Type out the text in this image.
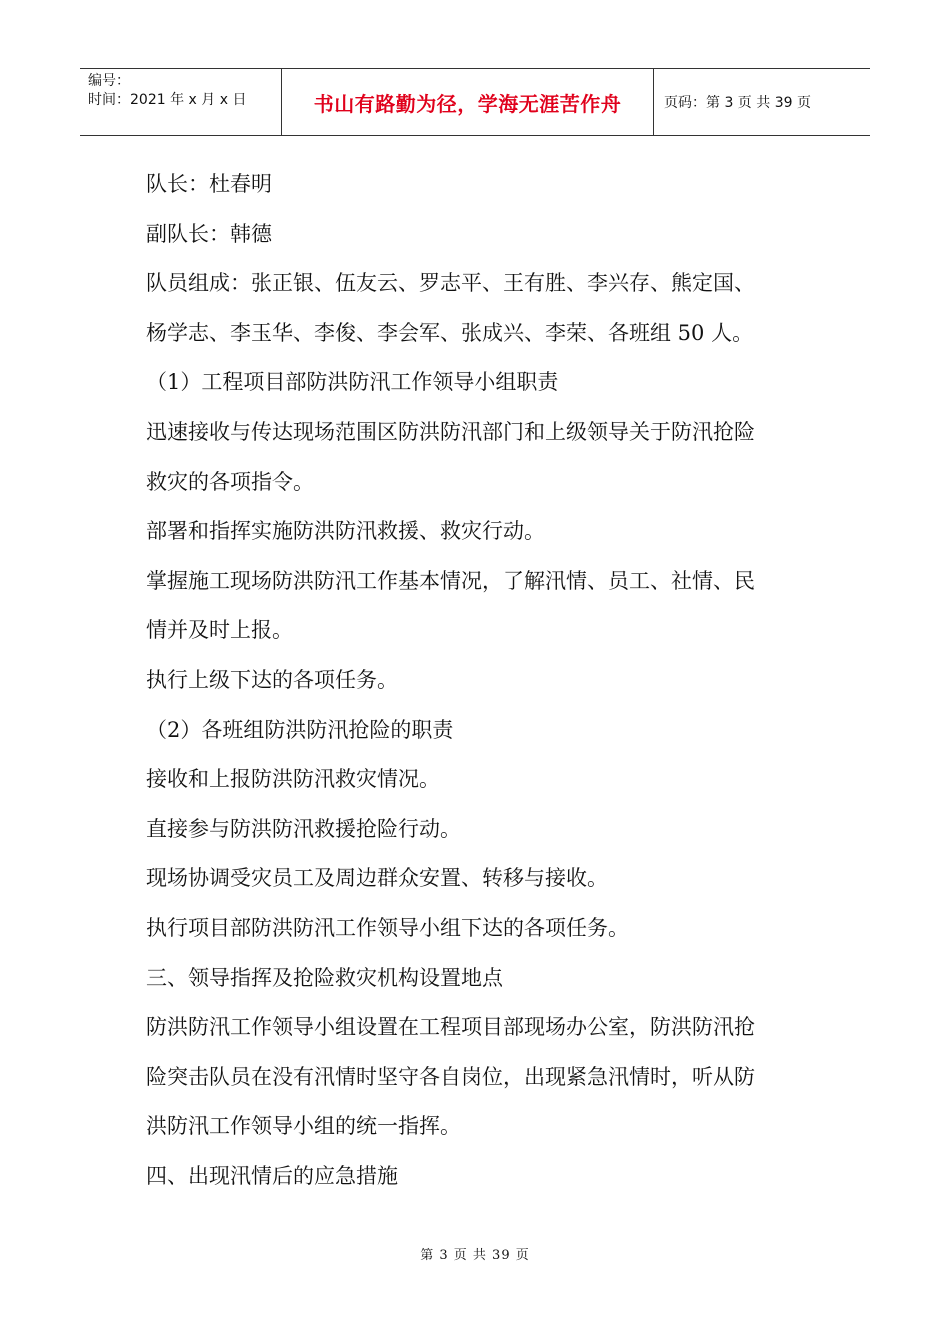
编号：
时间：2021 年 x 月 x 日	书山有路勤为径，学海无涯苦作舟	页码：第 3 页 共 39 页
队长：杜春明
副队长：韩德
队员组成：张正银、伍友云、罗志平、王有胜、李兴存、熊定国、
杨学志、李玉华、李俊、李会军、张成兴、李荣、各班组 50 人。
（1）工程项目部防洪防汛工作领导小组职责
迅速接收与传达现场范围区防洪防汛部门和上级领导关于防汛抢险
救灾的各项指令。
部署和指挥实施防洪防汛救援、救灾行动。
掌握施工现场防洪防汛工作基本情况，了解汛情、员工、社情、民
情并及时上报。
执行上级下达的各项任务。
（2）各班组防洪防汛抢险的职责
接收和上报防洪防汛救灾情况。
直接参与防洪防汛救援抢险行动。
现场协调受灾员工及周边群众安置、转移与接收。
执行项目部防洪防汛工作领导小组下达的各项任务。
三、领导指挥及抢险救灾机构设置地点
防洪防汛工作领导小组设置在工程项目部现场办公室，防洪防汛抢
险突击队员在没有汛情时坚守各自岗位，出现紧急汛情时，听从防
洪防汛工作领导小组的统一指挥。
四、出现汛情后的应急措施
第 3 页 共 39 页
